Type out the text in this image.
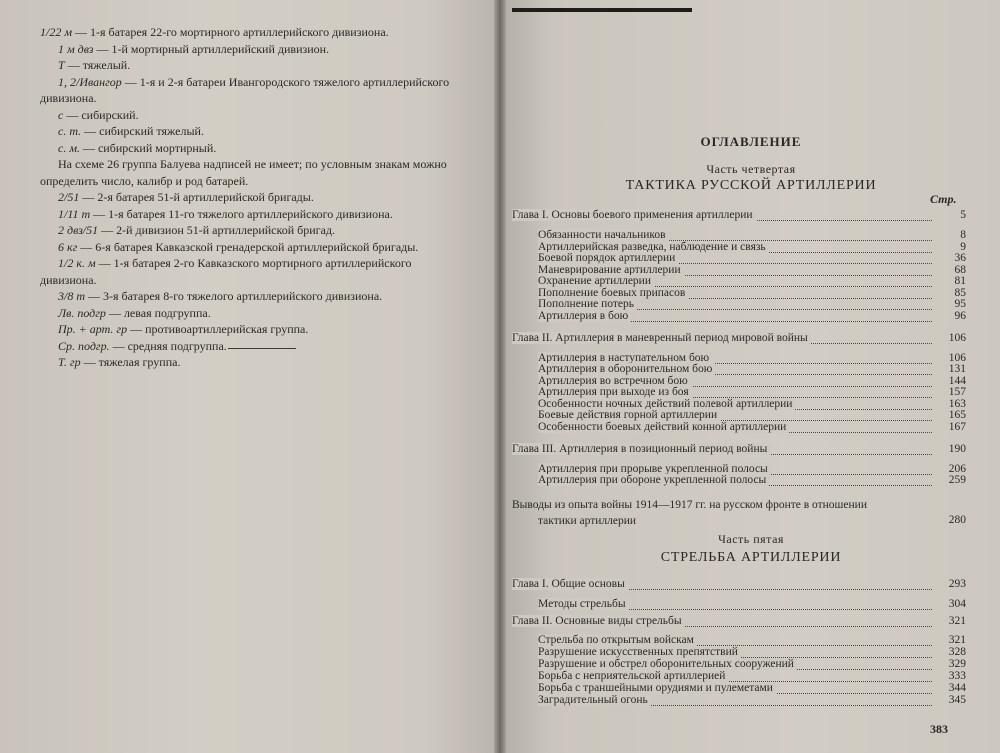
1/22 м — 1-я батарея 22-го мортирного артиллерийского дивизиона.

1 м двз — 1-й мортирный артиллерийский дивизион.

Т — тяжелый.

1, 2/Ивангор — 1-я и 2-я батареи Ивангородского тяжелого артиллерийского

дивизиона.

с — сибирский.

с. т. — сибирский тяжелый.

с. м. — сибирский мортирный.

На схеме 26 группа Балуева надписей не имеет; по условным знакам можно

определить число, калибр и род батарей.

2/51 — 2-я батарея 51-й артиллерийской бригады.

1/11 т — 1-я батарея 11-го тяжелого артиллерийского дивизиона.

2 двз/51 — 2-й дивизион 51-й артиллерийской бригад.

6 кг — 6-я батарея Кавказской гренадерской артиллерийской бригады.

1/2 к. м — 1-я батарея 2-го Кавказского мортирного артиллерийского

дивизиона.

3/8 т — 3-я батарея 8-го тяжелого артиллерийского дивизиона.

Лв. подгр — левая подгруппа.

Пр. + арт. гр — противоартиллерийская группа.

Ср. подгр. — средняя подгруппа.

Т. гр — тяжелая группа.

ОГЛАВЛЕНИЕ
Часть четвертая
ТАКТИКА РУССКОЙ АРТИЛЛЕРИИ
Стр.
Глава I. Основы боевого применения артиллерии	5
Обязанности начальников	8
Артиллерийская разведка, наблюдение и связь	9
Боевой порядок артиллерии	36
Маневрирование артиллерии	68
Охранение артиллерии	81
Пополнение боевых припасов	85
Пополнение потерь	95
Артиллерия в бою	96
Глава II. Артиллерия в маневренный период мировой войны	106
Артиллерия в наступательном бою	106
Артиллерия в оборонительном бою	131
Артиллерия во встречном бою	144
Артиллерия при выходе из боя	157
Особенности ночных действий полевой артиллерии	163
Боевые действия горной артиллерии	165
Особенности боевых действий конной артиллерии	167
Глава III. Артиллерия в позиционный период войны	190
Артиллерия при прорыве укрепленной полосы	206
Артиллерия при обороне укрепленной полосы	259
Выводы из опыта войны 1914—1917 гг. на русском фронте в отношении
тактики артиллерии	280
Часть пятая
СТРЕЛЬБА АРТИЛЛЕРИИ
Глава I. Общие основы	293
Методы стрельбы	304
Глава II. Основные виды стрельбы	321
Стрельба по открытым войскам	321
Разрушение искусственных препятствий	328
Разрушение и обстрел оборонительных сооружений	329
Борьба с неприятельской артиллерией	333
Борьба с траншейными орудиями и пулеметами	344
Заградительный огонь	345
383
